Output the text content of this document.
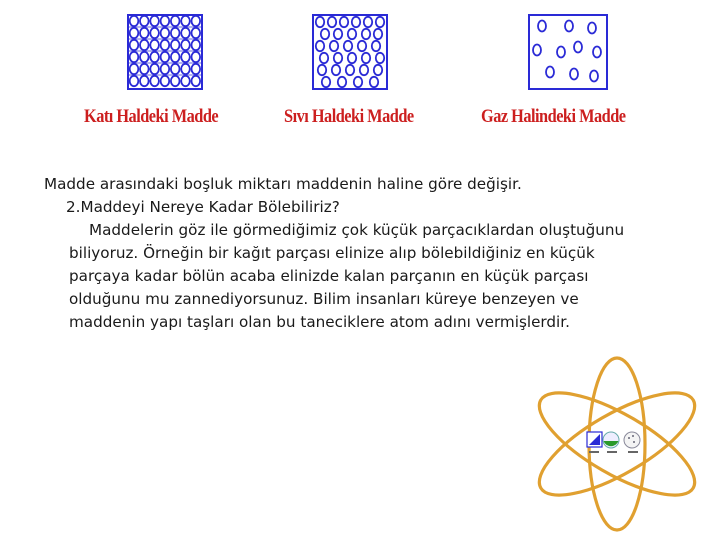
Katı Haldeki Madde	Sıvı Haldeki Madde	Gaz Halindeki Madde
Madde arasındaki boşluk miktarı maddenin haline göre değişir.
2.Maddeyi Nereye Kadar Bölebiliriz?
Maddelerin göz ile görmediğimiz çok küçük parçacıklardan oluştuğunu
biliyoruz. Örneğin bir kağıt parçası elinize alıp bölebildiğiniz en küçük
parçaya kadar bölün acaba elinizde kalan parçanın en küçük parçası
olduğunu mu zannediyorsunuz. Bilim insanları küreye benzeyen ve
maddenin yapı taşları olan bu taneciklere atom adını vermişlerdir.
